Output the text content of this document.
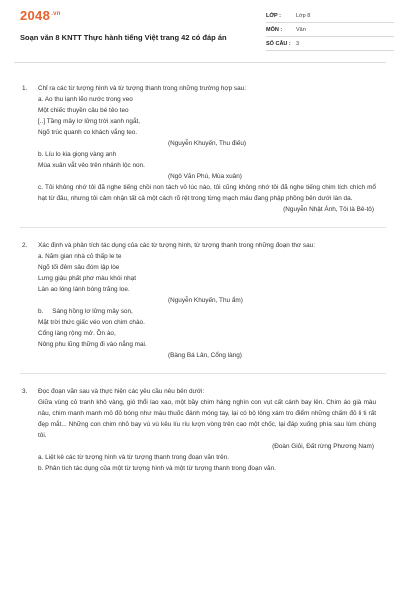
$2048^{.vn}$
Soạn văn 8 KNTT Thực hành tiếng Việt trang 42 có đáp án
LỚP :	Lớp 8
MÔN :	Văn
SỐ CÂU : 3
1.	Chỉ ra các từ tượng hình và từ tượng thanh trong những trường hợp sau:

a. Ao thu lạnh lẽo nước trong veo

Một chiếc thuyền câu bé tẻo teo

[..] Tầng mây lơ lửng trời xanh ngắt,

Ngõ trúc quanh co khách vắng teo.

(Nguyễn Khuyến, Thu điếu)

b. Líu lo kia giọng vàng anh

Mùa xuân vắt vẻo trên nhánh lộc non.

(Ngô Văn Phú, Mùa xuân)

c. Tôi không nhớ tôi đã nghe tiếng chồi non tách vỏ lúc nào, tôi cũng không nhớ tôi đã nghe tiếng chim lích chích mổ hạt từ đâu, nhưng tôi cảm nhận tất cả một cách rõ rệt trong từng mạch máu đang phập phồng bên dưới làn da.

(Nguyễn Nhật Ánh, Tôi là Bê-tô)

2.	Xác định và phân tích tác dụng của các từ tượng hình, từ tượng thanh trong những đoạn thơ sau:

a. Năm gian nhà cỏ thấp le te

Ngõ tối đêm sâu đóm lập lòe

Lưng giậu phất phơ màu khói nhạt

Làn ao lóng lánh bóng trăng loe.

(Nguyễn Khuyến, Thu ẩm)

b.     Sáng hồng lơ lửng mây son,

Mặt trời thức giấc véo von chim chào.

Cổng làng rộng mở. Ồn ào,

Nông phu lũng thững đi vào nắng mai.

(Bàng Bá Lân, Cổng làng)

3.	Đọc đoạn văn sau và thực hiện các yêu cầu nêu bên dưới:

Giữa vùng cỏ tranh khô vàng, gió thổi lao xao, một bầy chim hàng nghìn con vụt cất cánh bay lên. Chim áo già màu nâu, chim manh manh mỏ đỏ bóng như màu thuốc đánh móng tay, lại có bộ lông xám tro điểm những chấm đỏ li ti rất đẹp mắt... Những con chim nhỏ bay vù vù kêu líu ríu lượn vòng trên cao một chốc, lại đáp xuống phía sau lùm chùng tôi.

(Đoàn Giỏi, Đất rừng Phương Nam)

a. Liệt kê các từ tượng hình và từ tượng thanh trong đoạn văn trên.

b. Phân tích tác dụng của một từ tượng hình và một từ tượng thanh trong đoạn văn.
